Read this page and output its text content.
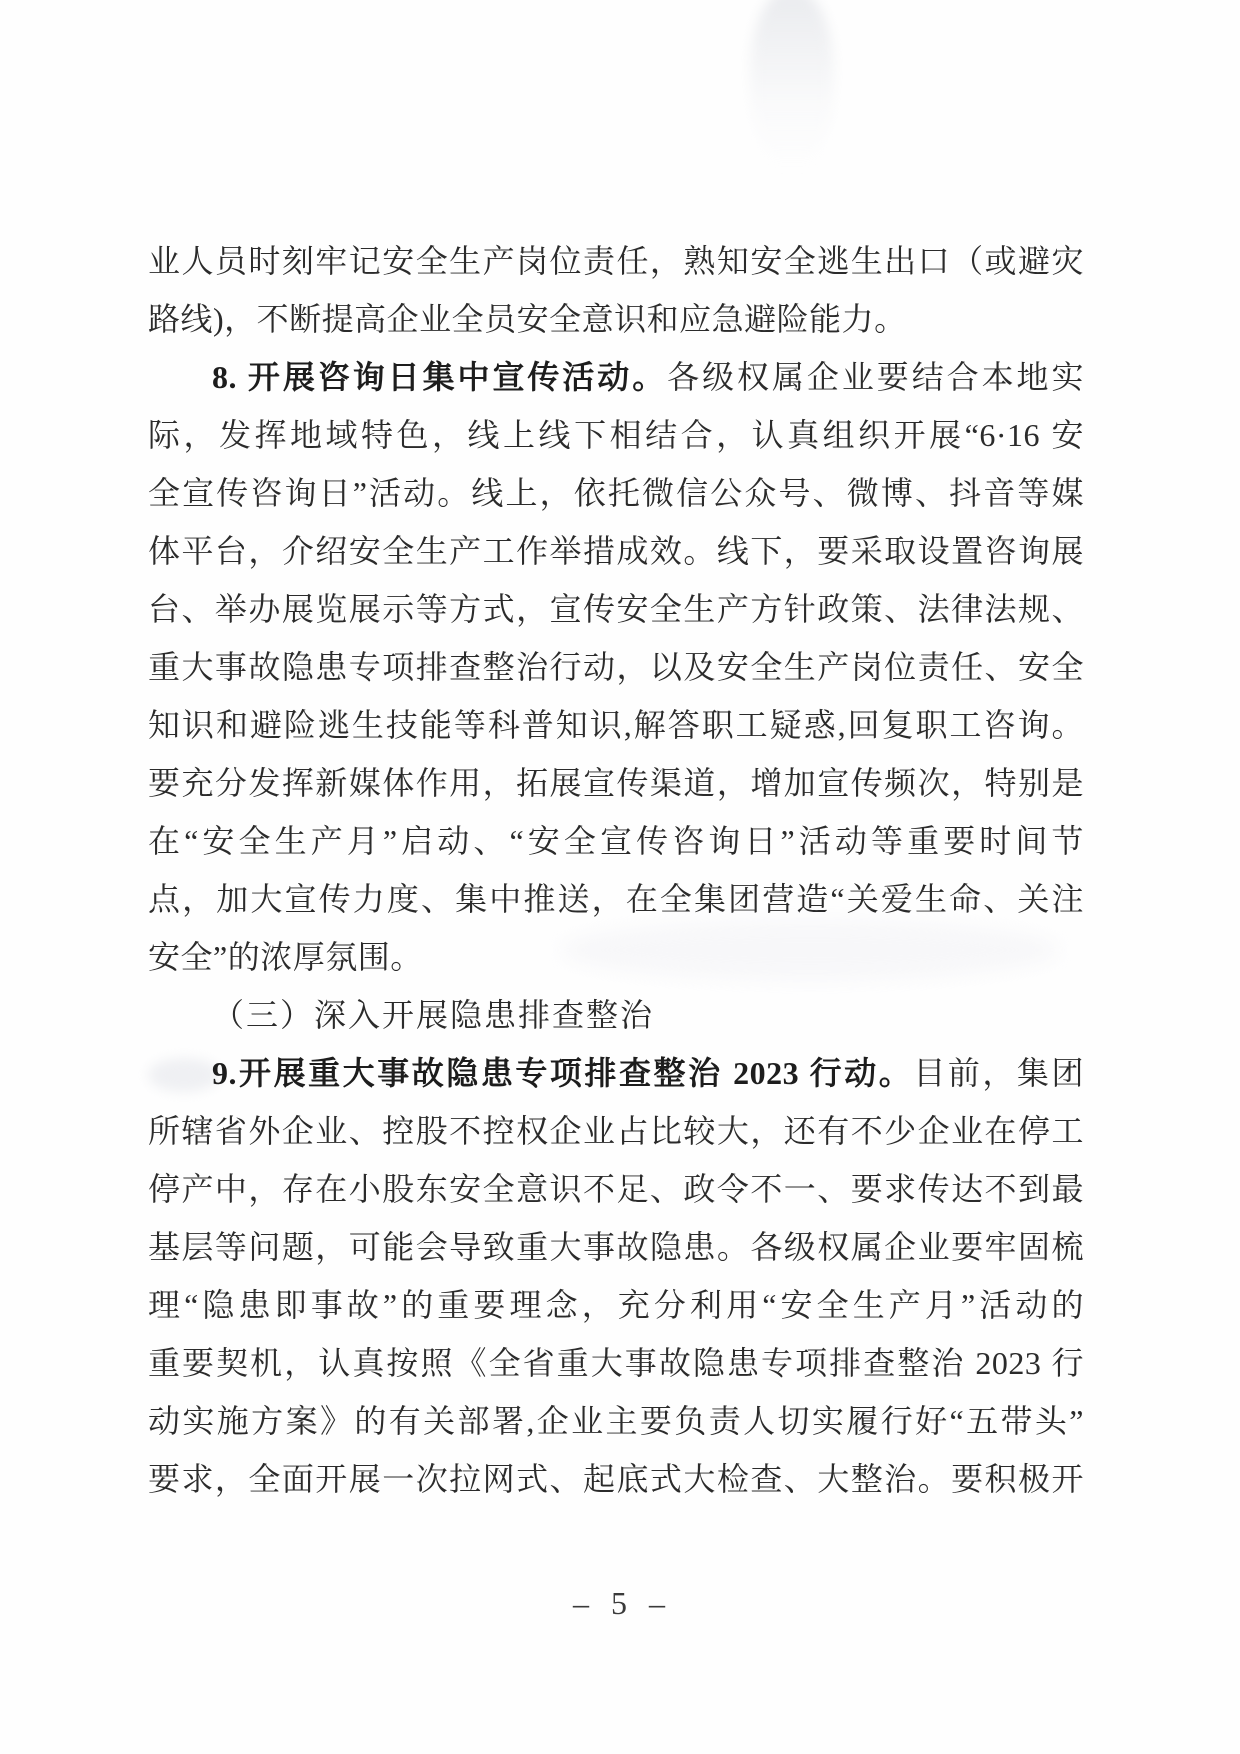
业人员时刻牢记安全生产岗位责任，熟知安全逃生出口（或避灾
路线)，不断提高企业全员安全意识和应急避险能力。
8. 开展咨询日集中宣传活动。各级权属企业要结合本地实
际，发挥地域特色，线上线下相结合，认真组织开展“6·16 安
全宣传咨询日”活动。线上，依托微信公众号、微博、抖音等媒
体平台，介绍安全生产工作举措成效。线下，要采取设置咨询展
台、举办展览展示等方式，宣传安全生产方针政策、法律法规、
重大事故隐患专项排查整治行动，以及安全生产岗位责任、安全
知识和避险逃生技能等科普知识,解答职工疑惑,回复职工咨询。
要充分发挥新媒体作用，拓展宣传渠道，增加宣传频次，特别是
在“安全生产月”启动、“安全宣传咨询日”活动等重要时间节
点，加大宣传力度、集中推送，在全集团营造“关爱生命、关注
安全”的浓厚氛围。
（三）深入开展隐患排查整治
9.开展重大事故隐患专项排查整治 2023 行动。目前，集团
所辖省外企业、控股不控权企业占比较大，还有不少企业在停工
停产中，存在小股东安全意识不足、政令不一、要求传达不到最
基层等问题，可能会导致重大事故隐患。各级权属企业要牢固梳
理“隐患即事故”的重要理念，充分利用“安全生产月”活动的
重要契机，认真按照《全省重大事故隐患专项排查整治 2023 行
动实施方案》的有关部署,企业主要负责人切实履行好“五带头”
要求，全面开展一次拉网式、起底式大检查、大整治。要积极开
– 5 –
